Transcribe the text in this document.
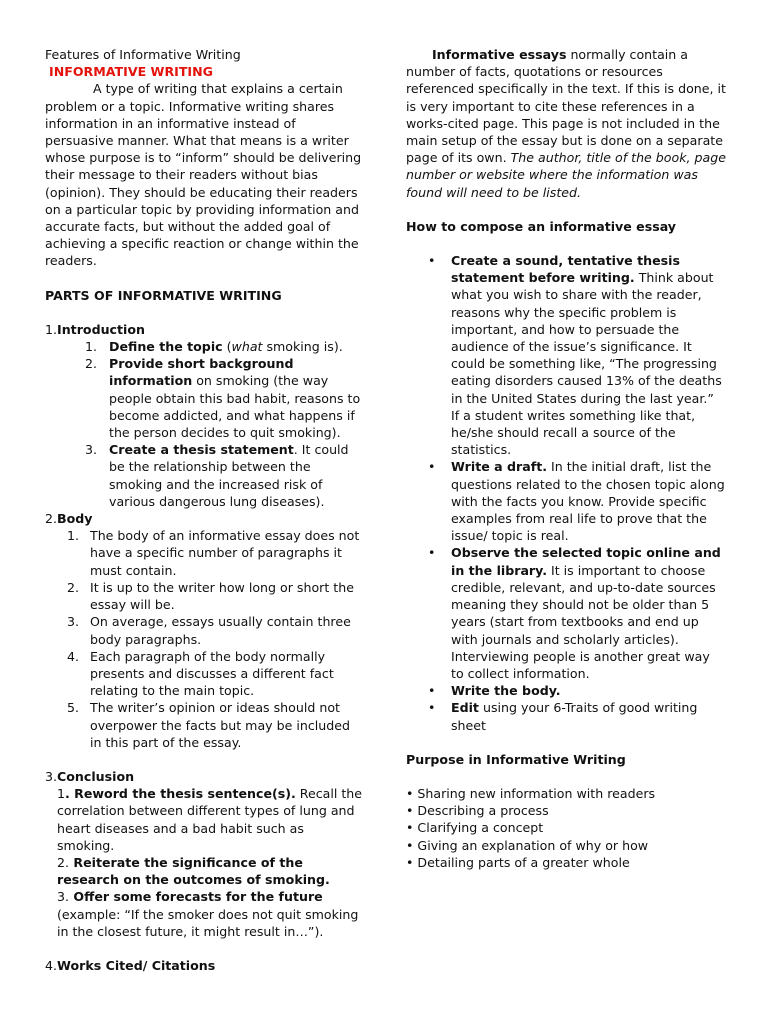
Features of Informative Writing

INFORMATIVE WRITING

A type of writing that explains a certain problem or a topic. Informative writing shares information in an informative instead of persuasive manner. What that means is a writer whose purpose is to “inform” should be delivering their message to their readers without bias (opinion). They should be educating their readers on a particular topic by providing information and accurate facts, but without the added goal of achieving a specific reaction or change within the readers.

PARTS OF INFORMATIVE WRITING

1.Introduction

1. Define the topic (what smoking is).
2. Provide short background information on smoking (the way people obtain this bad habit, reasons to become addicted, and what happens if the person decides to quit smoking).
3. Create a thesis statement. It could be the relationship between the smoking and the increased risk of various dangerous lung diseases).

2.Body

1. The body of an informative essay does not have a specific number of paragraphs it must contain.
2. It is up to the writer how long or short the essay will be.
3. On average, essays usually contain three body paragraphs.
4. Each paragraph of the body normally presents and discusses a different fact relating to the main topic.
5. The writer’s opinion or ideas should not overpower the facts but may be included in this part of the essay.

3.Conclusion

1. Reword the thesis sentence(s). Recall the correlation between different types of lung and heart diseases and a bad habit such as smoking.

2. Reiterate the significance of the research on the outcomes of smoking.

3. Offer some forecasts for the future (example: “If the smoker does not quit smoking in the closest future, it might result in…”).

4.Works Cited/ Citations

Informative essays normally contain a number of facts, quotations or resources referenced specifically in the text. If this is done, it is very important to cite these references in a works-cited page. This page is not included in the main setup of the essay but is done on a separate page of its own. The author, title of the book, page number or website where the information was found will need to be listed.

How to compose an informative essay

• Create a sound, tentative thesis statement before writing. Think about what you wish to share with the reader, reasons why the specific problem is important, and how to persuade the audience of the issue’s significance. It could be something like, “The progressing eating disorders caused 13% of the deaths in the United States during the last year.” If a student writes something like that, he/she should recall a source of the statistics.
• Write a draft. In the initial draft, list the questions related to the chosen topic along with the facts you know. Provide specific examples from real life to prove that the issue/ topic is real.
• Observe the selected topic online and in the library. It is important to choose credible, relevant, and up-to-date sources meaning they should not be older than 5 years (start from textbooks and end up with journals and scholarly articles). Interviewing people is another great way to collect information.
• Write the body.
• Edit using your 6-Traits of good writing sheet

Purpose in Informative Writing

• Sharing new information with readers

• Describing a process

• Clarifying a concept

• Giving an explanation of why or how

• Detailing parts of a greater whole
